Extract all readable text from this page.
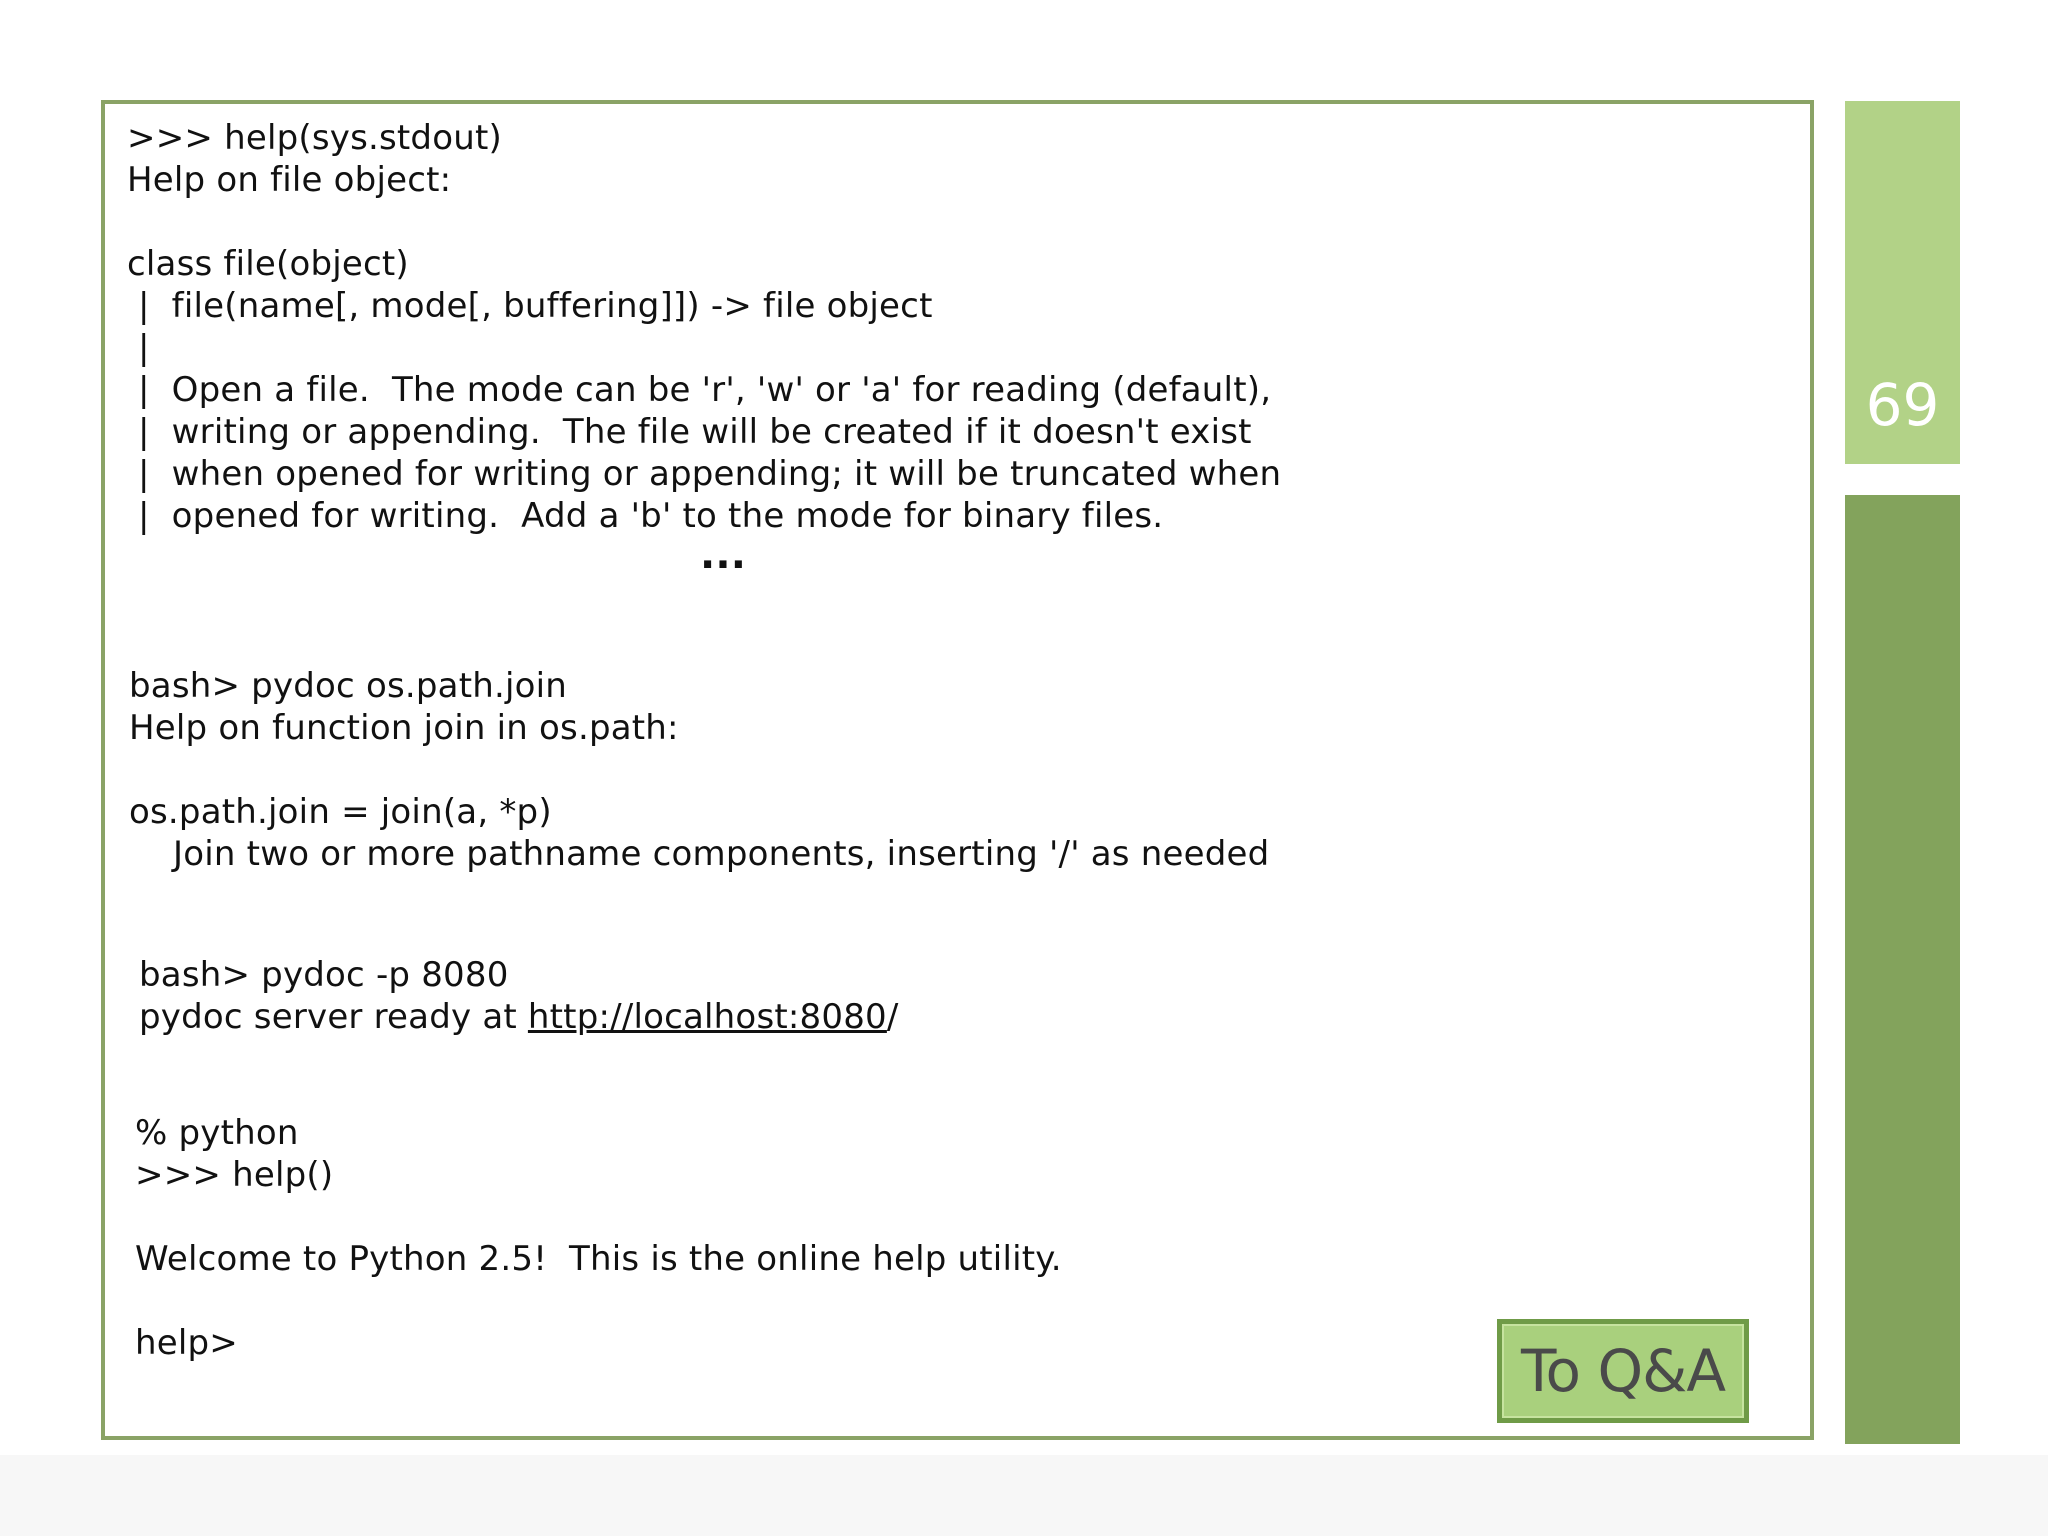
>>> help(sys.stdout)
Help on file object:
class file(object)
|  file(name[, mode[, buffering]]) -> file object
|
|  Open a file.  The mode can be 'r', 'w' or 'a' for reading (default),
|  writing or appending.  The file will be created if it doesn't exist
|  when opened for writing or appending; it will be truncated when
|  opened for writing.  Add a 'b' to the mode for binary files.
...
bash> pydoc os.path.join
Help on function join in os.path:
os.path.join = join(a, *p)
Join two or more pathname components, inserting '/' as needed
bash> pydoc -p 8080
pydoc server ready at http://localhost:8080/
% python
>>> help()
Welcome to Python 2.5!  This is the online help utility.
help>	To Q&A
69
